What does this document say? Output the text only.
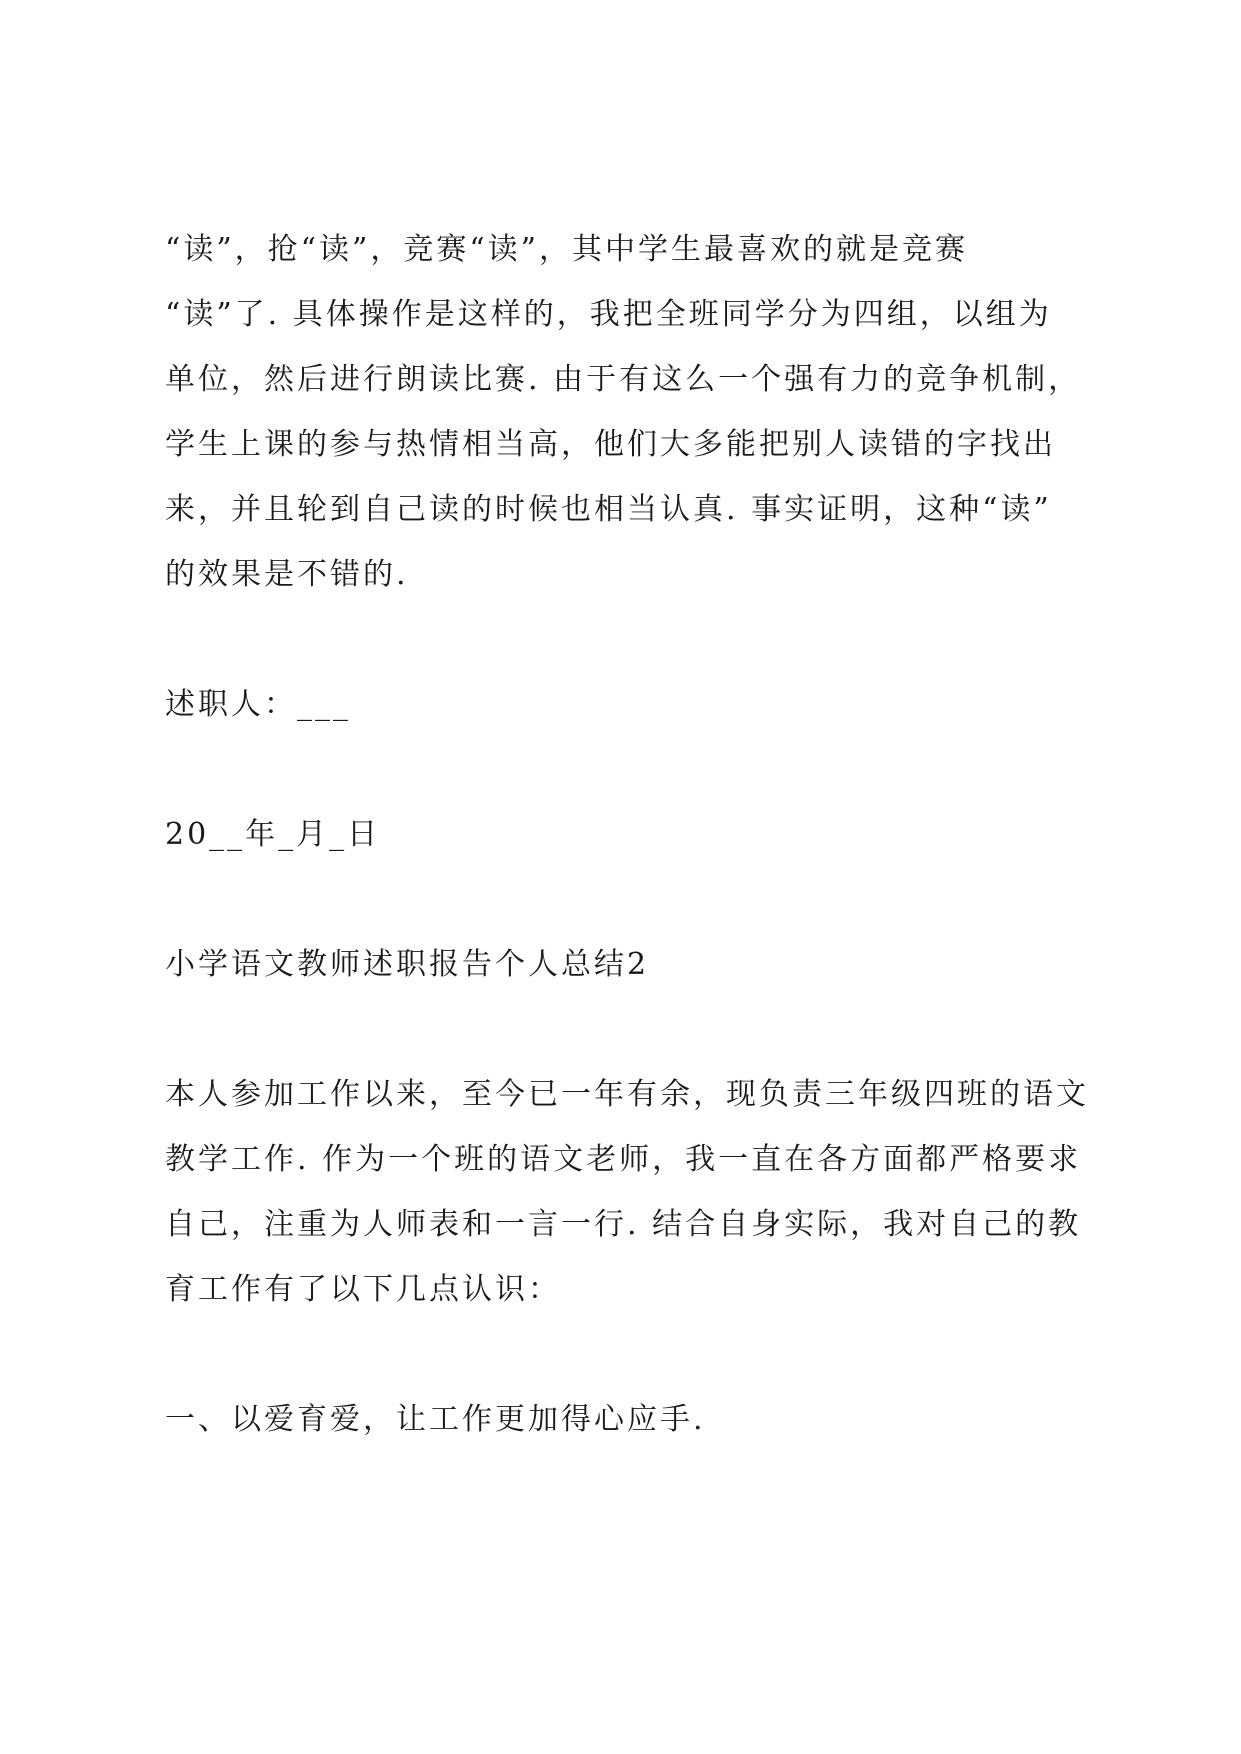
“读”，抢“读”，竞赛“读”，其中学生最喜欢的就是竞赛
“读”了. 具体操作是这样的，我把全班同学分为四组，以组为
单位，然后进行朗读比赛. 由于有这么一个强有力的竞争机制，
学生上课的参与热情相当高，他们大多能把别人读错的字找出
来，并且轮到自己读的时候也相当认真. 事实证明，这种“读”
的效果是不错的.
述职人：___
20__年_月_日
小学语文教师述职报告个人总结2
本人参加工作以来，至今已一年有余，现负责三年级四班的语文
教学工作. 作为一个班的语文老师，我一直在各方面都严格要求
自己，注重为人师表和一言一行. 结合自身实际，我对自己的教
育工作有了以下几点认识：
一、以爱育爱，让工作更加得心应手.
